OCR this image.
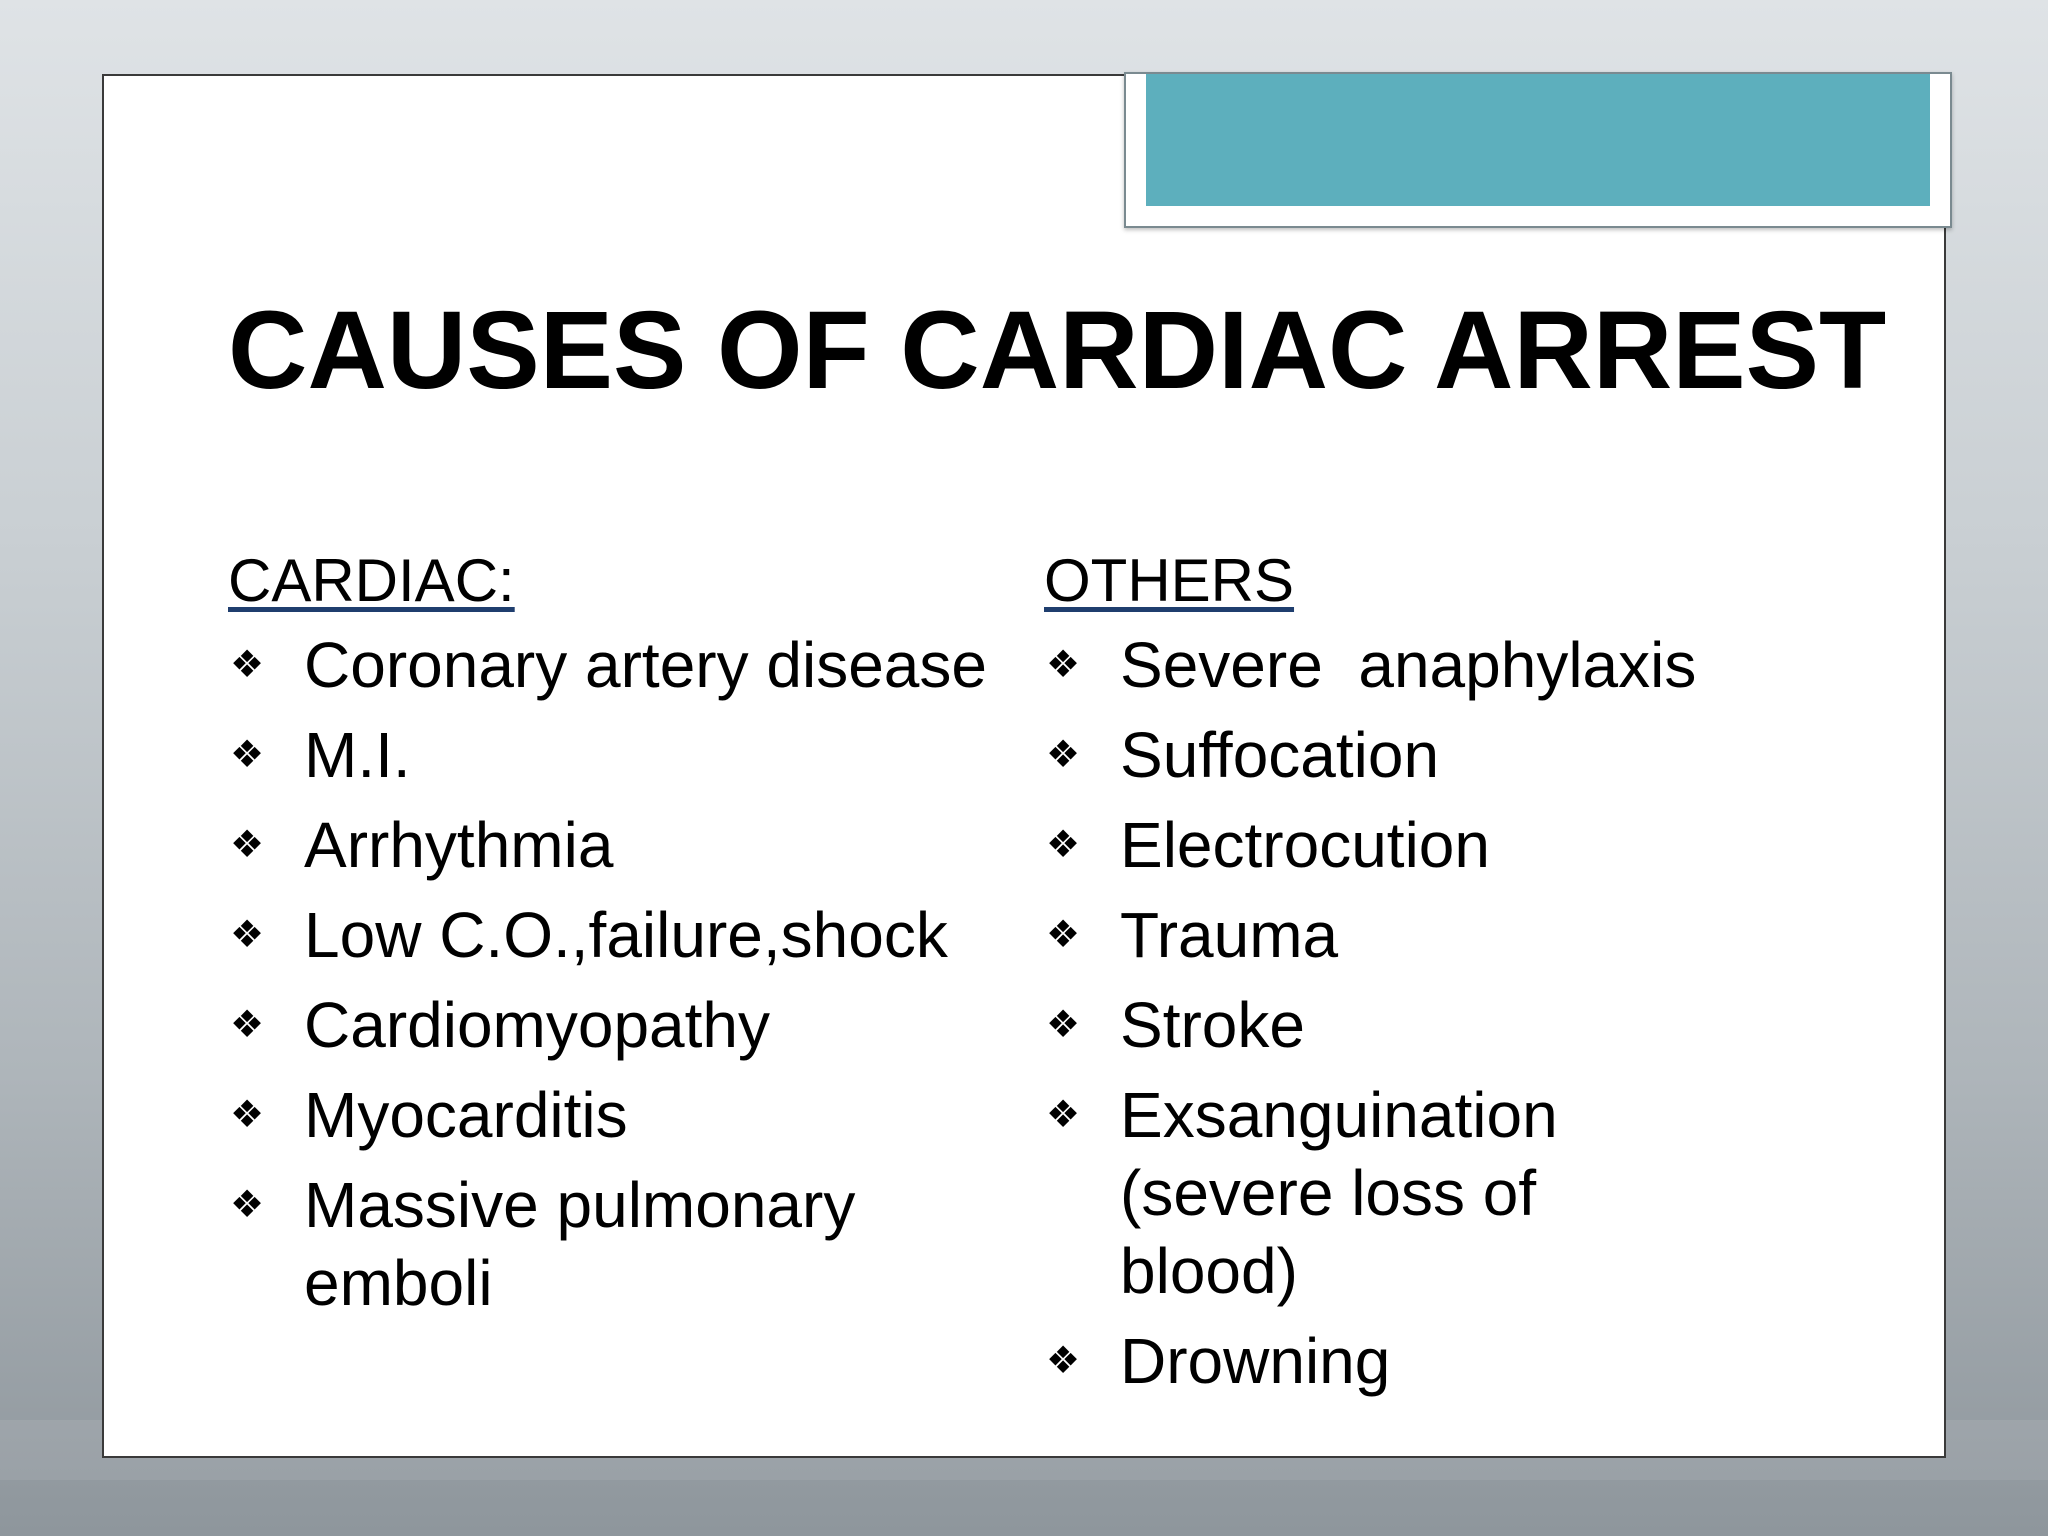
CAUSES OF CARDIAC ARREST
CARDIAC:
❖ Coronary artery disease
❖ M.I.
❖ Arrhythmia
❖ Low C.O.,failure,shock
❖ Cardiomyopathy
❖ Myocarditis
❖ Massive pulmonary
emboli
OTHERS
❖ Severe  anaphylaxis
❖ Suffocation
❖ Electrocution
❖ Trauma
❖ Stroke
❖ Exsanguination
(severe loss of
blood)
❖ Drowning
